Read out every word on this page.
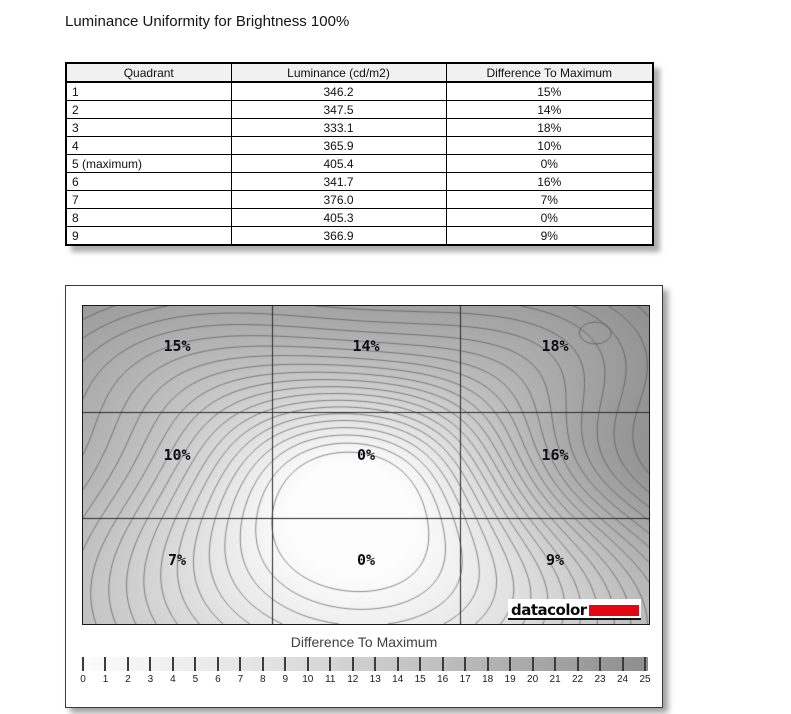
Luminance Uniformity for Brightness 100%
Quadrant	Luminance (cd/m2)	Difference To Maximum
1	346.2	15%
2	347.5	14%
3	333.1	18%
4	365.9	10%
5 (maximum)	405.4	0%
6	341.7	16%
7	376.0	7%
8	405.3	0%
9	366.9	9%
15%	14%	18%
10%	0%	16%
7%	0%	9%
datacolor
Difference To Maximum
0	1	2	3	4	5	6	7	8	9	10	11	12	13	14	15	16	17	18	19	20	21	22	23	24	25
